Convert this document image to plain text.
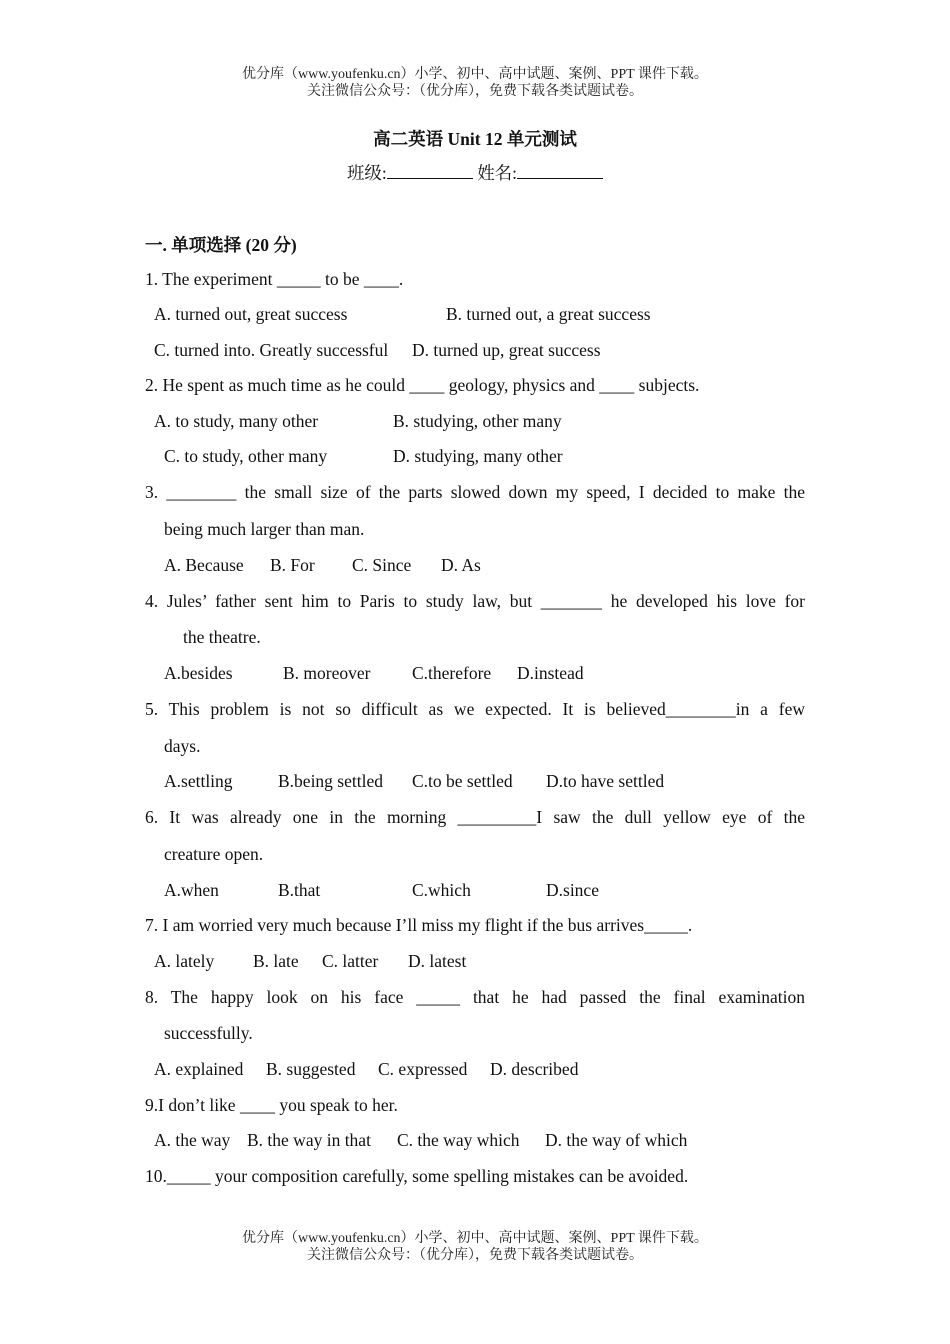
优分库（www.youfenku.cn）小学、初中、高中试题、案例、PPT 课件下载。
关注微信公众号：（优分库），免费下载各类试题试卷。
高二英语 Unit 12 单元测试
班级:	姓名:
一. 单项选择 (20 分)
1. The experiment _____ to be ____.
A. turned out, great success	B. turned out, a great success
C. turned into. Greatly successful D. turned up, great success
2. He spent as much time as he could ____ geology, physics and ____ subjects.
A. to study, many other	B. studying, other many
C. to study, other many	D. studying, many other
3. ________ the small size of the parts slowed down my speed, I decided to make the
being much larger than man.
A. Because B. For C. Since D. As
4. Jules’ father sent him to Paris to study law, but _______ he developed his love for
the theatre.
A.besides	B. moreover C.therefore D.instead
5. This problem is not so difficult as we expected. It is believed________in a few
days.
A.settling	B.being settled C.to be settled D.to have settled
6. It was already one in the morning _________I saw the dull yellow eye of the
creature open.
A.when	B.that	C.which	D.since
7. I am worried very much because I’ll miss my flight if the bus arrives_____.
A. lately B. late C. latter D. latest
8. The happy look on his face _____ that he had passed the final examination
successfully.
A. explained B. suggested C. expressed D. described
9.I don’t like ____ you speak to her.
A. the way B. the way in that C. the way which D. the way of which
10._____ your composition carefully, some spelling mistakes can be avoided.
优分库（www.youfenku.cn）小学、初中、高中试题、案例、PPT 课件下载。
关注微信公众号：（优分库），免费下载各类试题试卷。
